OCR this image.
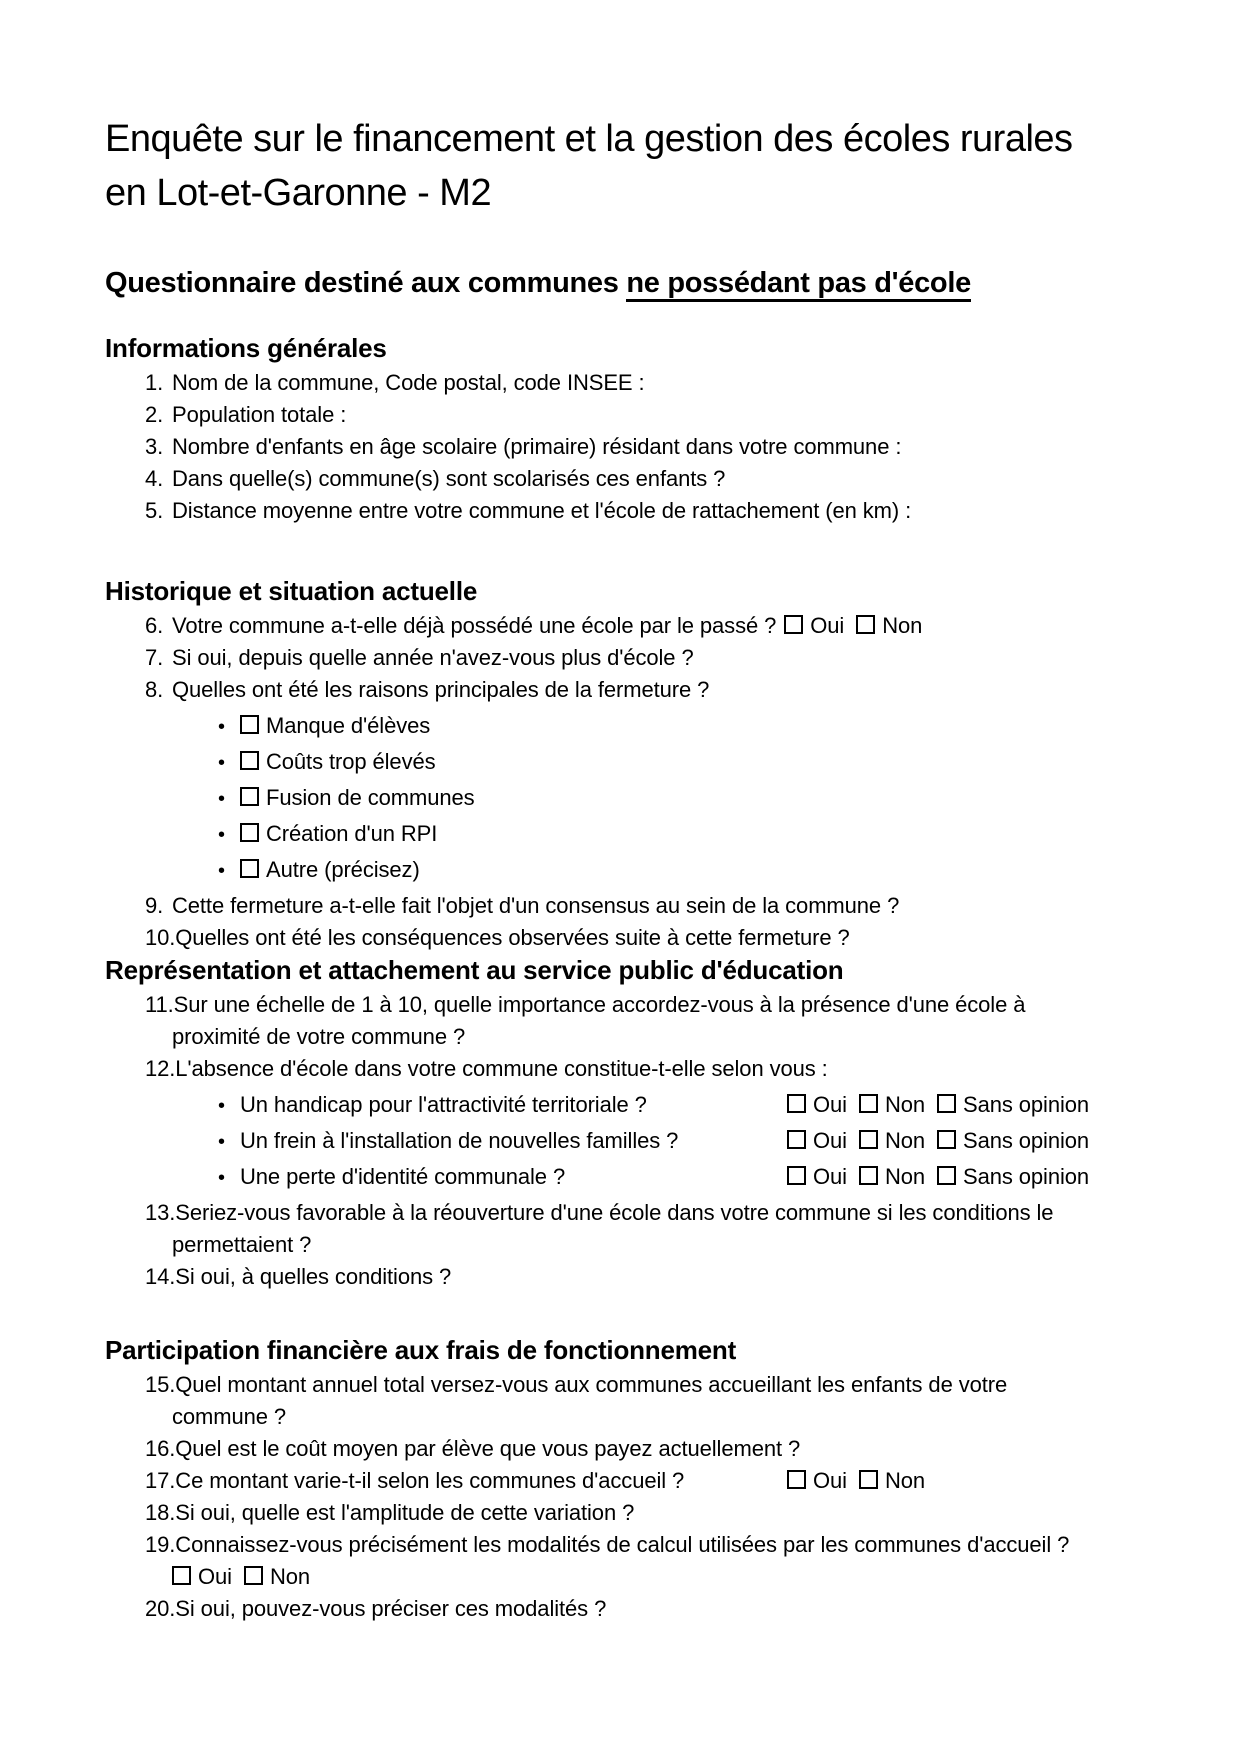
Enquête sur le financement et la gestion des écoles rurales
en Lot-et-Garonne - M2
Questionnaire destiné aux communes ne possédant pas d'école
Informations générales
1. Nom de la commune, Code postal, code INSEE :
2. Population totale :
3. Nombre d'enfants en âge scolaire (primaire) résidant dans votre commune :
4. Dans quelle(s) commune(s) sont scolarisés ces enfants ?
5. Distance moyenne entre votre commune et l'école de rattachement (en km) :
Historique et situation actuelle
6. Votre commune a-t-elle déjà possédé une école par le passé ? Oui Non
7. Si oui, depuis quelle année n'avez-vous plus d'école ?
8. Quelles ont été les raisons principales de la fermeture ?
• Manque d'élèves
• Coûts trop élevés
• Fusion de communes
• Création d'un RPI
• Autre (précisez)
9. Cette fermeture a-t-elle fait l'objet d'un consensus au sein de la commune ?
10.Quelles ont été les conséquences observées suite à cette fermeture ?
Représentation et attachement au service public d'éducation
11.Sur une échelle de 1 à 10, quelle importance accordez-vous à la présence d'une école à
proximité de votre commune ?
12.L'absence d'école dans votre commune constitue-t-elle selon vous :
• Un handicap pour l'attractivité territoriale ?	Oui Non Sans opinion
• Un frein à l'installation de nouvelles familles ?	Oui Non Sans opinion
• Une perte d'identité communale ?	Oui Non Sans opinion
13.Seriez-vous favorable à la réouverture d'une école dans votre commune si les conditions le
permettaient ?
14.Si oui, à quelles conditions ?
Participation financière aux frais de fonctionnement
15.Quel montant annuel total versez-vous aux communes accueillant les enfants de votre
commune ?
16.Quel est le coût moyen par élève que vous payez actuellement ?
17.Ce montant varie-t-il selon les communes d'accueil ?	Oui Non
18.Si oui, quelle est l'amplitude de cette variation ?
19.Connaissez-vous précisément les modalités de calcul utilisées par les communes d'accueil ?
Oui Non
20.Si oui, pouvez-vous préciser ces modalités ?
